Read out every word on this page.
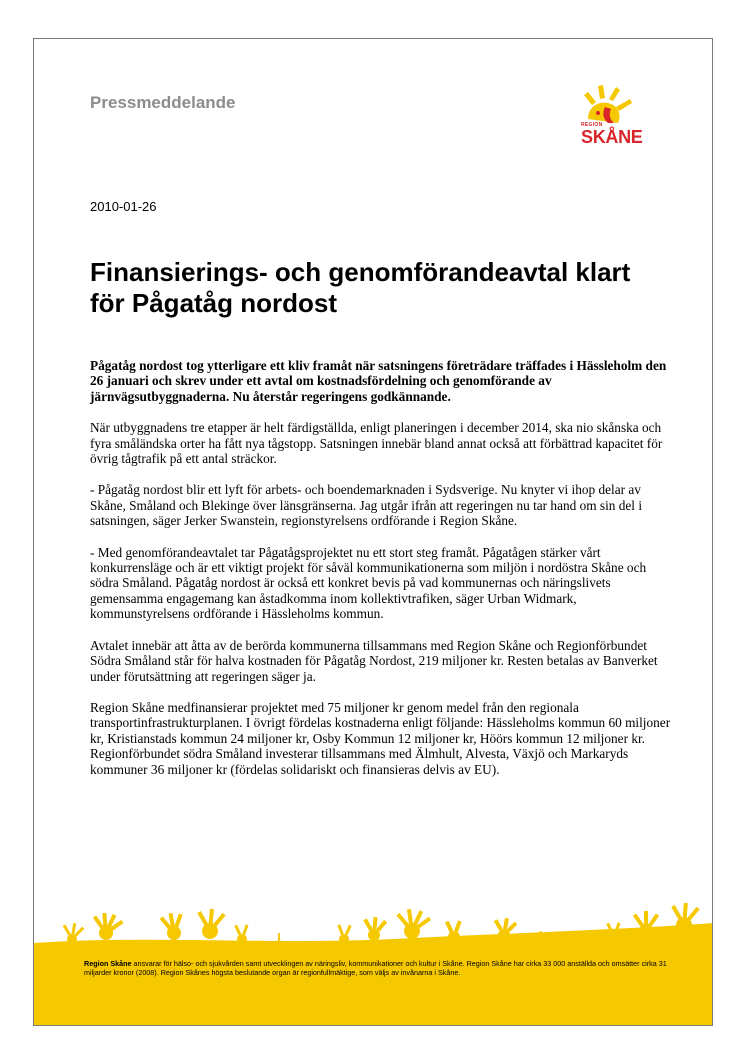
Pressmeddelande

REGION
SKÅNE

2010-01-26

Finansierings- och genomförandeavtal klart för Pågatåg nordost

Pågatåg nordost tog ytterligare ett kliv framåt när satsningens företrädare träffades i Hässleholm den 26 januari och skrev under ett avtal om kostnadsfördelning och genomförande av järnvägsutbyggnaderna. Nu återstår regeringens godkännande.

När utbyggnadens tre etapper är helt färdigställda, enligt planeringen i december 2014, ska nio skånska och fyra småländska orter ha fått nya tågstopp. Satsningen innebär bland annat också att förbättrad kapacitet för övrig tågtrafik på ett antal sträckor.

- Pågatåg nordost blir ett lyft för arbets- och boendemarknaden i Sydsverige. Nu knyter vi ihop delar av Skåne, Småland och Blekinge över länsgränserna. Jag utgår ifrån att regeringen nu tar hand om sin del i satsningen, säger Jerker Swanstein, regionstyrelsens ordförande i Region Skåne.

- Med genomförandeavtalet tar Pågatågsprojektet nu ett stort steg framåt. Pågatågen stärker vårt konkurrensläge och är ett viktigt projekt för såväl kommunikationerna som miljön i nordöstra Skåne och södra Småland. Pågatåg nordost är också ett konkret bevis på vad kommunernas och näringslivets gemensamma engagemang kan åstadkomma inom kollektivtrafiken, säger Urban Widmark, kommunstyrelsens ordförande i Hässleholms kommun.

Avtalet innebär att åtta av de berörda kommunerna tillsammans med Region Skåne och Regionförbundet Södra Småland står för halva kostnaden för Pågatåg Nordost, 219 miljoner kr. Resten betalas av Banverket under förutsättning att regeringen säger ja.

Region Skåne medfinansierar projektet med 75 miljoner kr genom medel från den regionala transportinfrastrukturplanen. I övrigt fördelas kostnaderna enligt följande: Hässleholms kommun 60 miljoner kr, Kristianstads kommun 24 miljoner kr, Osby Kommun 12 miljoner kr, Höörs kommun 12 miljoner kr. Regionförbundet södra Småland investerar tillsammans med Älmhult, Alvesta, Växjö och Markaryds kommuner 36 miljoner kr (fördelas solidariskt och finansieras delvis av EU).

Region Skåne ansvarar för hälso- och sjukvården samt utvecklingen av näringsliv, kommunikationer och kultur i Skåne. Region Skåne har cirka 33 000 anställda och omsätter cirka 31 miljarder kronor (2008). Region Skånes högsta beslutande organ är regionfullmäktige, som väljs av invånarna i Skåne.
